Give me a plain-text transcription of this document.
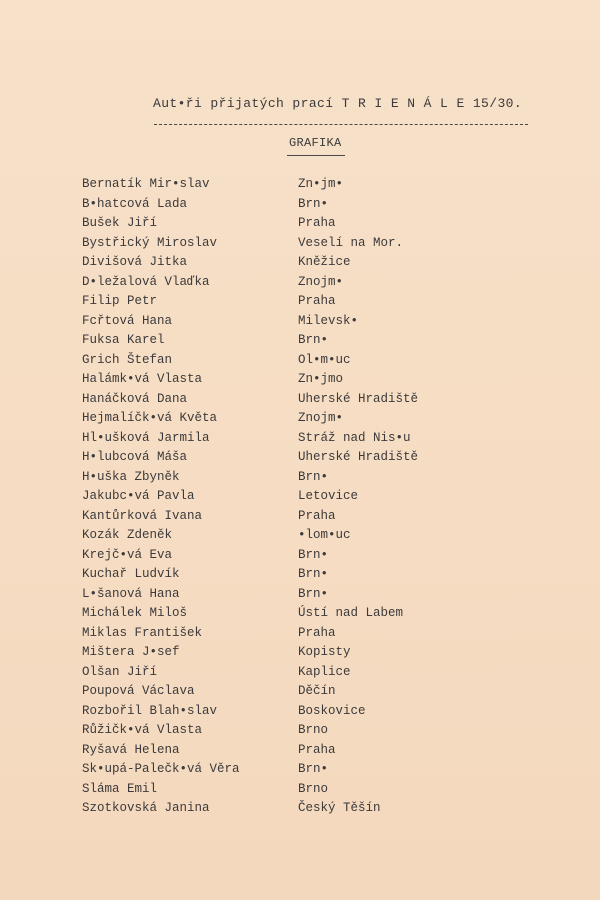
Aut•ři přijatých prací T R I E N Á L E 15/30.
GRAFIKA
Bernatík Mir•slav	Zn•jm•
B•hatcová Lada	Brn•
Bušek Jiří	Praha
Bystřický Miroslav	Veselí na Mor.
Divišová Jitka	Kněžice
D•ležalová Vlaďka	Znojm•
Filip Petr	Praha
Fcřtová Hana	Milevsk•
Fuksa Karel	Brn•
Grich Štefan	Ol•m•uc
Halámk•vá Vlasta	Zn•jmo
Hanáčková Dana	Uherské Hradiště
Hejmalíčk•vá Květa	Znojm•
Hl•ušková Jarmila	Stráž nad Nis•u
H•lubcová Máša	Uherské Hradiště
H•uška Zbyněk	Brn•
Jakubc•vá Pavla	Letovice
Kantůrková Ivana	Praha
Kozák Zdeněk	•lom•uc
Krejč•vá Eva	Brn•
Kuchař Ludvík	Brn•
L•šanová Hana	Brn•
Michálek Miloš	Ústí nad Labem
Miklas František	Praha
Mištera J•sef	Kopisty
Olšan Jiří	Kaplice
Poupová Václava	Děčín
Rozbořil Blah•slav	Boskovice
Růžičk•vá Vlasta	Brno
Ryšavá Helena	Praha
Sk•upá-Palečk•vá Věra	Brn•
Sláma Emil	Brno
Szotkovská Janina	Český Těšín
